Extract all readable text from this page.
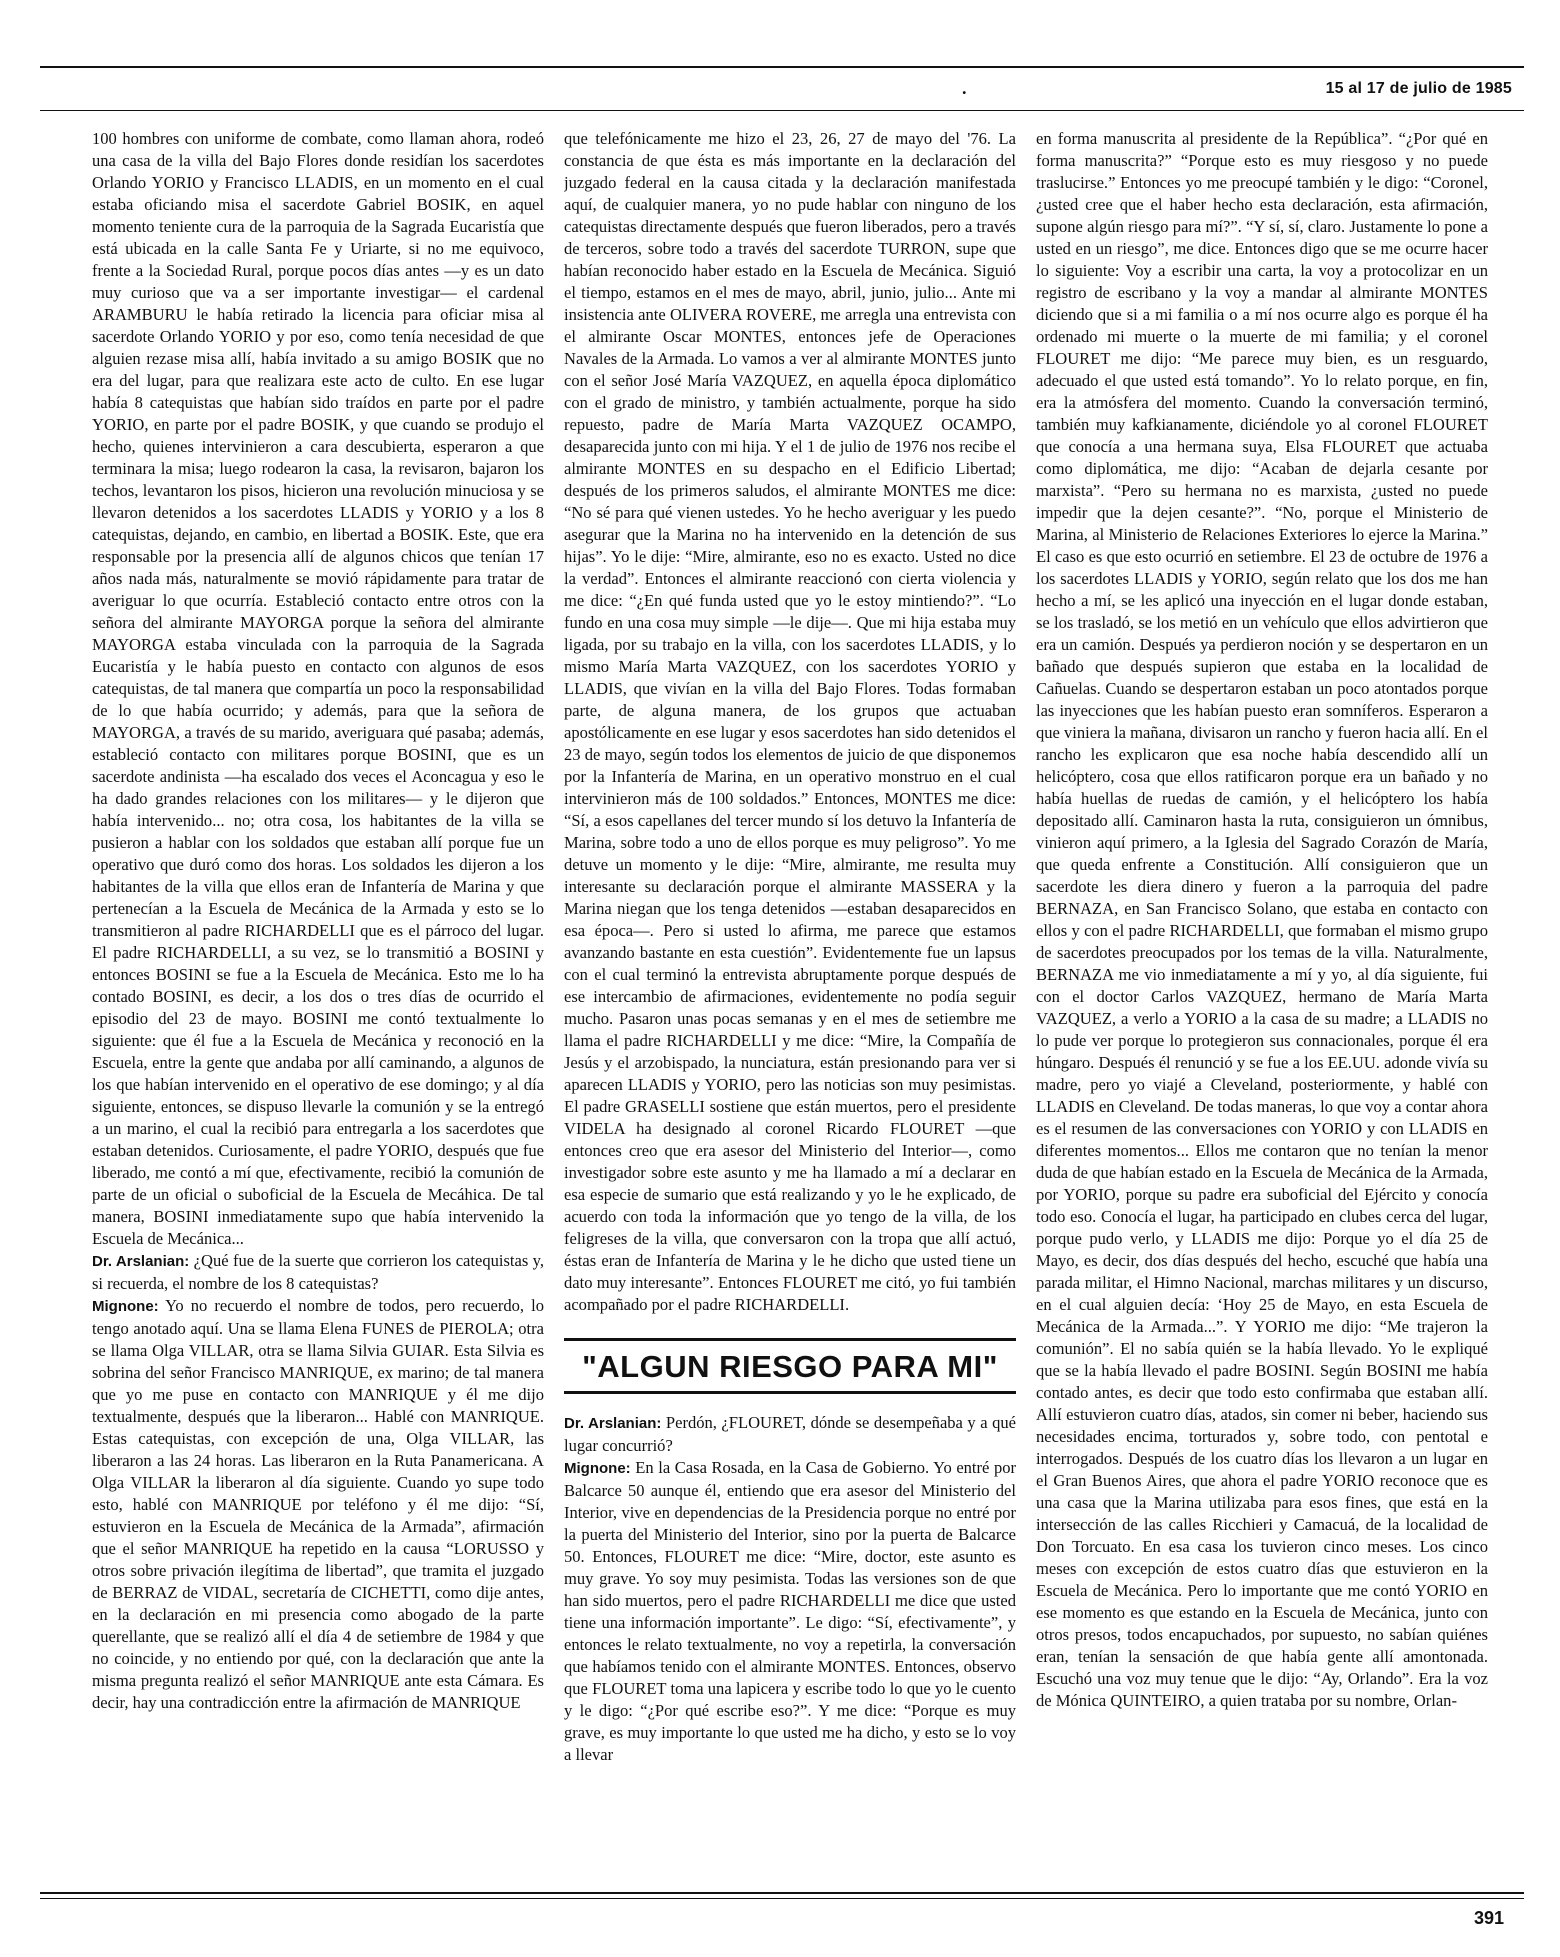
.	15 al 17 de julio de 1985

100 hombres con uniforme de combate, como llaman ahora, rodeó una casa de la villa del Bajo Flores donde residían los sacerdotes Orlando YORIO y Francisco LLADIS, en un momento en el cual estaba oficiando misa el sacerdote Gabriel BOSIK, en aquel momento teniente cura de la parroquia de la Sagrada Eucaristía que está ubicada en la calle Santa Fe y Uriarte, si no me equivoco, frente a la Sociedad Rural, porque pocos días antes —y es un dato muy curioso que va a ser importante investigar— el cardenal ARAMBURU le había retirado la licencia para oficiar misa al sacerdote Orlando YORIO y por eso, como tenía necesidad de que alguien rezase misa allí, había invitado a su amigo BOSIK que no era del lugar, para que realizara este acto de culto. En ese lugar había 8 catequistas que habían sido traídos en parte por el padre YORIO, en parte por el padre BOSIK, y que cuando se produjo el hecho, quienes intervinieron a cara descubierta, esperaron a que terminara la misa; luego rodearon la casa, la revisaron, bajaron los techos, levantaron los pisos, hicieron una revolución minuciosa y se llevaron detenidos a los sacerdotes LLADIS y YORIO y a los 8 catequistas, dejando, en cambio, en libertad a BOSIK. Este, que era responsable por la presencia allí de algunos chicos que tenían 17 años nada más, naturalmente se movió rápidamente para tratar de averiguar lo que ocurría. Estableció contacto entre otros con la señora del almirante MAYORGA porque la señora del almirante MAYORGA estaba vinculada con la parroquia de la Sagrada Eucaristía y le había puesto en contacto con algunos de esos catequistas, de tal manera que compartía un poco la responsabilidad de lo que había ocurrido; y además, para que la señora de MAYORGA, a través de su marido, averiguara qué pasaba; además, estableció contacto con militares porque BOSINI, que es un sacerdote andinista —ha escalado dos veces el Aconcagua y eso le ha dado grandes relaciones con los militares— y le dijeron que había intervenido... no; otra cosa, los habitantes de la villa se pusieron a hablar con los soldados que estaban allí porque fue un operativo que duró como dos horas. Los soldados les dijeron a los habitantes de la villa que ellos eran de Infantería de Marina y que pertenecían a la Escuela de Mecánica de la Armada y esto se lo transmitieron al padre RICHARDELLI que es el párroco del lugar. El padre RICHARDELLI, a su vez, se lo transmitió a BOSINI y entonces BOSINI se fue a la Escuela de Mecánica. Esto me lo ha contado BOSINI, es decir, a los dos o tres días de ocurrido el episodio del 23 de mayo. BOSINI me contó textualmente lo siguiente: que él fue a la Escuela de Mecánica y reconoció en la Escuela, entre la gente que andaba por allí caminando, a algunos de los que habían intervenido en el operativo de ese domingo; y al día siguiente, entonces, se dispuso llevarle la comunión y se la entregó a un marino, el cual la recibió para entregarla a los sacerdotes que estaban detenidos. Curiosamente, el padre YORIO, después que fue liberado, me contó a mí que, efectivamente, recibió la comunión de parte de un oficial o suboficial de la Escuela de Mecáhica. De tal manera, BOSINI inmediatamente supo que había intervenido la Escuela de Mecánica...

Dr. Arslanian: ¿Qué fue de la suerte que corrieron los catequistas y, si recuerda, el nombre de los 8 catequistas?

Mignone: Yo no recuerdo el nombre de todos, pero recuerdo, lo tengo anotado aquí. Una se llama Elena FUNES de PIEROLA; otra se llama Olga VILLAR, otra se llama Silvia GUIAR. Esta Silvia es sobrina del señor Francisco MANRIQUE, ex marino; de tal manera que yo me puse en contacto con MANRIQUE y él me dijo textualmente, después que la liberaron... Hablé con MANRIQUE. Estas catequistas, con excepción de una, Olga VILLAR, las liberaron a las 24 horas. Las liberaron en la Ruta Panamericana. A Olga VILLAR la liberaron al día siguiente. Cuando yo supe todo esto, hablé con MANRIQUE por teléfono y él me dijo: “Sí, estuvieron en la Escuela de Mecánica de la Armada”, afirmación que el señor MANRIQUE ha repetido en la causa “LORUSSO y otros sobre privación ilegítima de libertad”, que tramita el juzgado de BERRAZ de VIDAL, secretaría de CICHETTI, como dije antes, en la declaración en mi presencia como abogado de la parte querellante, que se realizó allí el día 4 de setiembre de 1984 y que no coincide, y no entiendo por qué, con la declaración que ante la misma pregunta realizó el señor MANRIQUE ante esta Cámara. Es decir, hay una contradicción entre la afirmación de MANRIQUE

que telefónicamente me hizo el 23, 26, 27 de mayo del '76. La constancia de que ésta es más importante en la declaración del juzgado federal en la causa citada y la declaración manifestada aquí, de cualquier manera, yo no pude hablar con ninguno de los catequistas directamente después que fueron liberados, pero a través de terceros, sobre todo a través del sacerdote TURRON, supe que habían reconocido haber estado en la Escuela de Mecánica. Siguió el tiempo, estamos en el mes de mayo, abril, junio, julio... Ante mi insistencia ante OLIVERA ROVERE, me arregla una entrevista con el almirante Oscar MONTES, entonces jefe de Operaciones Navales de la Armada. Lo vamos a ver al almirante MONTES junto con el señor José María VAZQUEZ, en aquella época diplomático con el grado de ministro, y también actualmente, porque ha sido repuesto, padre de María Marta VAZQUEZ OCAMPO, desaparecida junto con mi hija. Y el 1 de julio de 1976 nos recibe el almirante MONTES en su despacho en el Edificio Libertad; después de los primeros saludos, el almirante MONTES me dice: “No sé para qué vienen ustedes. Yo he hecho averiguar y les puedo asegurar que la Marina no ha intervenido en la detención de sus hijas”. Yo le dije: “Mire, almirante, eso no es exacto. Usted no dice la verdad”. Entonces el almirante reaccionó con cierta violencia y me dice: “¿En qué funda usted que yo le estoy mintiendo?”. “Lo fundo en una cosa muy simple —le dije—. Que mi hija estaba muy ligada, por su trabajo en la villa, con los sacerdotes LLADIS, y lo mismo María Marta VAZQUEZ, con los sacerdotes YORIO y LLADIS, que vivían en la villa del Bajo Flores. Todas formaban parte, de alguna manera, de los grupos que actuaban apostólicamente en ese lugar y esos sacerdotes han sido detenidos el 23 de mayo, según todos los elementos de juicio de que disponemos por la Infantería de Marina, en un operativo monstruo en el cual intervinieron más de 100 soldados.” Entonces, MONTES me dice: “Sí, a esos capellanes del tercer mundo sí los detuvo la Infantería de Marina, sobre todo a uno de ellos porque es muy peligroso”. Yo me detuve un momento y le dije: “Mire, almirante, me resulta muy interesante su declaración porque el almirante MASSERA y la Marina niegan que los tenga detenidos —estaban desaparecidos en esa época—. Pero si usted lo afirma, me parece que estamos avanzando bastante en esta cuestión”. Evidentemente fue un lapsus con el cual terminó la entrevista abruptamente porque después de ese intercambio de afirmaciones, evidentemente no podía seguir mucho. Pasaron unas pocas semanas y en el mes de setiembre me llama el padre RICHARDELLI y me dice: “Mire, la Compañía de Jesús y el arzobispado, la nunciatura, están presionando para ver si aparecen LLADIS y YORIO, pero las noticias son muy pesimistas. El padre GRASELLI sostiene que están muertos, pero el presidente VIDELA ha designado al coronel Ricardo FLOURET —que entonces creo que era asesor del Ministerio del Interior—, como investigador sobre este asunto y me ha llamado a mí a declarar en esa especie de sumario que está realizando y yo le he explicado, de acuerdo con toda la información que yo tengo de la villa, de los feligreses de la villa, que conversaron con la tropa que allí actuó, éstas eran de Infantería de Marina y le he dicho que usted tiene un dato muy interesante”. Entonces FLOURET me citó, yo fui también acompañado por el padre RICHARDELLI.

"ALGUN RIESGO PARA MI"

Dr. Arslanian: Perdón, ¿FLOURET, dónde se desempeñaba y a qué lugar concurrió?

Mignone: En la Casa Rosada, en la Casa de Gobierno. Yo entré por Balcarce 50 aunque él, entiendo que era asesor del Ministerio del Interior, vive en dependencias de la Presidencia porque no entré por la puerta del Ministerio del Interior, sino por la puerta de Balcarce 50. Entonces, FLOURET me dice: “Mire, doctor, este asunto es muy grave. Yo soy muy pesimista. Todas las versiones son de que han sido muertos, pero el padre RICHARDELLI me dice que usted tiene una información importante”. Le digo: “Sí, efectivamente”, y entonces le relato textualmente, no voy a repetirla, la conversación que habíamos tenido con el almirante MONTES. Entonces, observo que FLOURET toma una lapicera y escribe todo lo que yo le cuento y le digo: “¿Por qué escribe eso?”. Y me dice: “Porque es muy grave, es muy importante lo que usted me ha dicho, y esto se lo voy a llevar

en forma manuscrita al presidente de la República”. “¿Por qué en forma manuscrita?” “Porque esto es muy riesgoso y no puede traslucirse.” Entonces yo me preocupé también y le digo: “Coronel, ¿usted cree que el haber hecho esta declaración, esta afirmación, supone algún riesgo para mí?”. “Y sí, sí, claro. Justamente lo pone a usted en un riesgo”, me dice. Entonces digo que se me ocurre hacer lo siguiente: Voy a escribir una carta, la voy a protocolizar en un registro de escribano y la voy a mandar al almirante MONTES diciendo que si a mi familia o a mí nos ocurre algo es porque él ha ordenado mi muerte o la muerte de mi familia; y el coronel FLOURET me dijo: “Me parece muy bien, es un resguardo, adecuado el que usted está tomando”. Yo lo relato porque, en fin, era la atmósfera del momento. Cuando la conversación terminó, también muy kafkianamente, diciéndole yo al coronel FLOURET que conocía a una hermana suya, Elsa FLOURET que actuaba como diplomática, me dijo: “Acaban de dejarla cesante por marxista”. “Pero su hermana no es marxista, ¿usted no puede impedir que la dejen cesante?”. “No, porque el Ministerio de Marina, al Ministerio de Relaciones Exteriores lo ejerce la Marina.” El caso es que esto ocurrió en setiembre. El 23 de octubre de 1976 a los sacerdotes LLADIS y YORIO, según relato que los dos me han hecho a mí, se les aplicó una inyección en el lugar donde estaban, se los trasladó, se los metió en un vehículo que ellos advirtieron que era un camión. Después ya perdieron noción y se despertaron en un bañado que después supieron que estaba en la localidad de Cañuelas. Cuando se despertaron estaban un poco atontados porque las inyecciones que les habían puesto eran somníferos. Esperaron a que viniera la mañana, divisaron un rancho y fueron hacia allí. En el rancho les explicaron que esa noche había descendido allí un helicóptero, cosa que ellos ratificaron porque era un bañado y no había huellas de ruedas de camión, y el helicóptero los había depositado allí. Caminaron hasta la ruta, consiguieron un ómnibus, vinieron aquí primero, a la Iglesia del Sagrado Corazón de María, que queda enfrente a Constitución. Allí consiguieron que un sacerdote les diera dinero y fueron a la parroquia del padre BERNAZA, en San Francisco Solano, que estaba en contacto con ellos y con el padre RICHARDELLI, que formaban el mismo grupo de sacerdotes preocupados por los temas de la villa. Naturalmente, BERNAZA me vio inmediatamente a mí y yo, al día siguiente, fui con el doctor Carlos VAZQUEZ, hermano de María Marta VAZQUEZ, a verlo a YORIO a la casa de su madre; a LLADIS no lo pude ver porque lo protegieron sus connacionales, porque él era húngaro. Después él renunció y se fue a los EE.UU. adonde vivía su madre, pero yo viajé a Cleveland, posteriormente, y hablé con LLADIS en Cleveland. De todas maneras, lo que voy a contar ahora es el resumen de las conversaciones con YORIO y con LLADIS en diferentes momentos... Ellos me contaron que no tenían la menor duda de que habían estado en la Escuela de Mecánica de la Armada, por YORIO, porque su padre era suboficial del Ejército y conocía todo eso. Conocía el lugar, ha participado en clubes cerca del lugar, porque pudo verlo, y LLADIS me dijo: Porque yo el día 25 de Mayo, es decir, dos días después del hecho, escuché que había una parada militar, el Himno Nacional, marchas militares y un discurso, en el cual alguien decía: ‘Hoy 25 de Mayo, en esta Escuela de Mecánica de la Armada...”. Y YORIO me dijo: “Me trajeron la comunión”. El no sabía quién se la había llevado. Yo le expliqué que se la había llevado el padre BOSINI. Según BOSINI me había contado antes, es decir que todo esto confirmaba que estaban allí. Allí estuvieron cuatro días, atados, sin comer ni beber, haciendo sus necesidades encima, torturados y, sobre todo, con pentotal e interrogados. Después de los cuatro días los llevaron a un lugar en el Gran Buenos Aires, que ahora el padre YORIO reconoce que es una casa que la Marina utilizaba para esos fines, que está en la intersección de las calles Ricchieri y Camacuá, de la localidad de Don Torcuato. En esa casa los tuvieron cinco meses. Los cinco meses con excepción de estos cuatro días que estuvieron en la Escuela de Mecánica. Pero lo importante que me contó YORIO en ese momento es que estando en la Escuela de Mecánica, junto con otros presos, todos encapuchados, por supuesto, no sabían quiénes eran, tenían la sensación de que había gente allí amontonada. Escuchó una voz muy tenue que le dijo: “Ay, Orlando”. Era la voz de Mónica QUINTEIRO, a quien trataba por su nombre, Orlan-

391
